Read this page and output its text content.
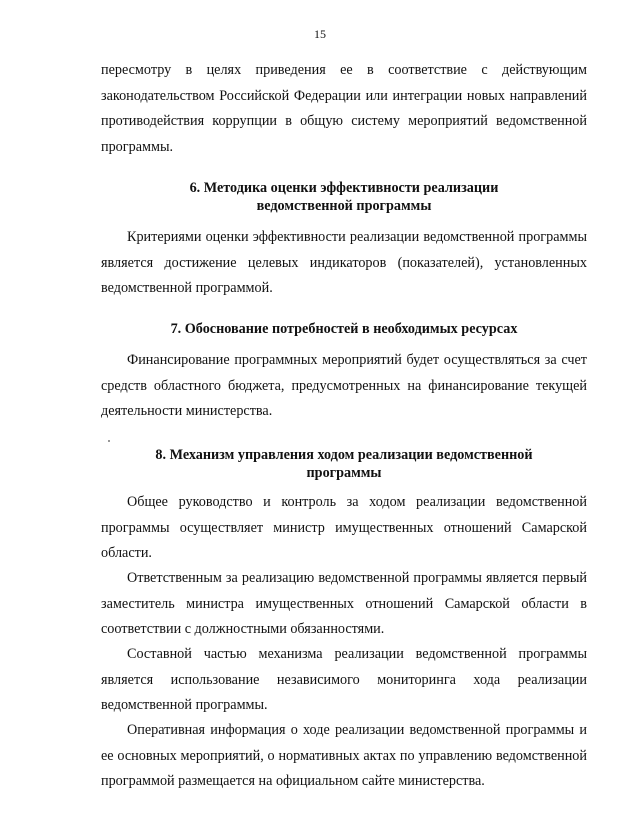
15

пересмотру в целях приведения ее в соответствие с действующим законодательством Российской Федерации или интеграции новых направлений противодействия коррупции в общую систему мероприятий ведомственной программы.

6. Методика оценки эффективности реализации
ведомственной программы

Критериями оценки эффективности реализации ведомственной программы является достижение целевых индикаторов (показателей), установленных ведомственной программой.

7. Обоснование потребностей в необходимых ресурсах

Финансирование программных мероприятий будет осуществляться за счет средств областного бюджета, предусмотренных на финансирование текущей деятельности министерства.

8. Механизм управления ходом реализации ведомственной
программы

Общее руководство и контроль за ходом реализации ведомственной программы осуществляет министр имущественных отношений Самарской области.

Ответственным за реализацию ведомственной программы является первый заместитель министра имущественных отношений Самарской области в соответствии с должностными обязанностями.

Составной частью механизма реализации ведомственной программы является использование независимого мониторинга хода реализации ведомственной программы.

Оперативная информация о ходе реализации ведомственной программы и ее основных мероприятий, о нормативных актах по управлению ведомственной программой размещается на официальном сайте министерства.
